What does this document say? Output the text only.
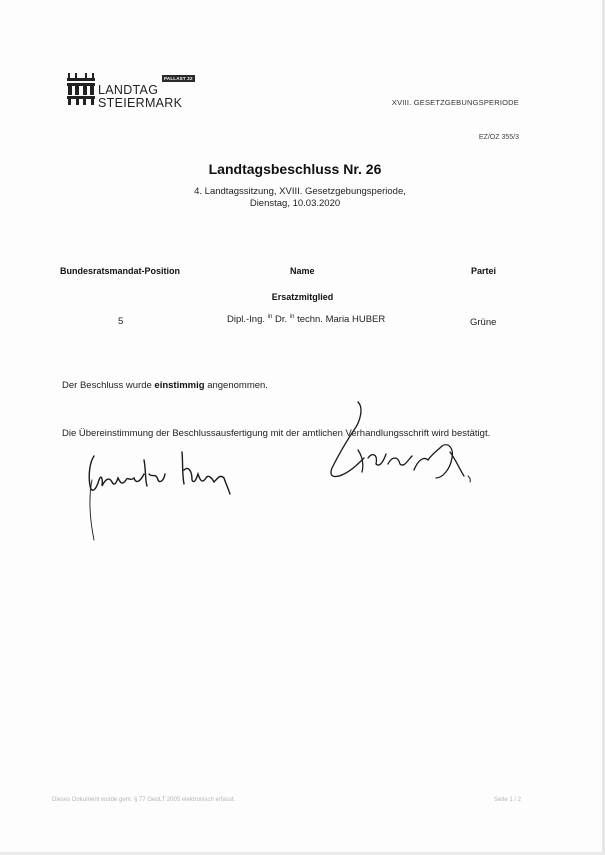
LANDTAG
STEIERMARK
PALLAST 22
XVIII. GESETZGEBUNGSPERIODE
EZ/OZ 355/3
Landtagsbeschluss Nr. 26
4. Landtagssitzung, XVIII. Gesetzgebungsperiode,
Dienstag, 10.03.2020
Bundesratsmandat-Position	Name	Partei
Ersatzmitglied
5	Dipl.-Ing. $^{in}$ Dr. $^{in}$ techn. Maria HUBER	Grüne
Der Beschluss wurde einstimmig angenommen.
Die Übereinstimmung der Beschlussausfertigung mit der amtlichen Verhandlungsschrift wird bestätigt.
Dieses Dokument wurde gem. § 77 GeoLT 2005 elektronisch erfasst.	Seite 1 / 2
